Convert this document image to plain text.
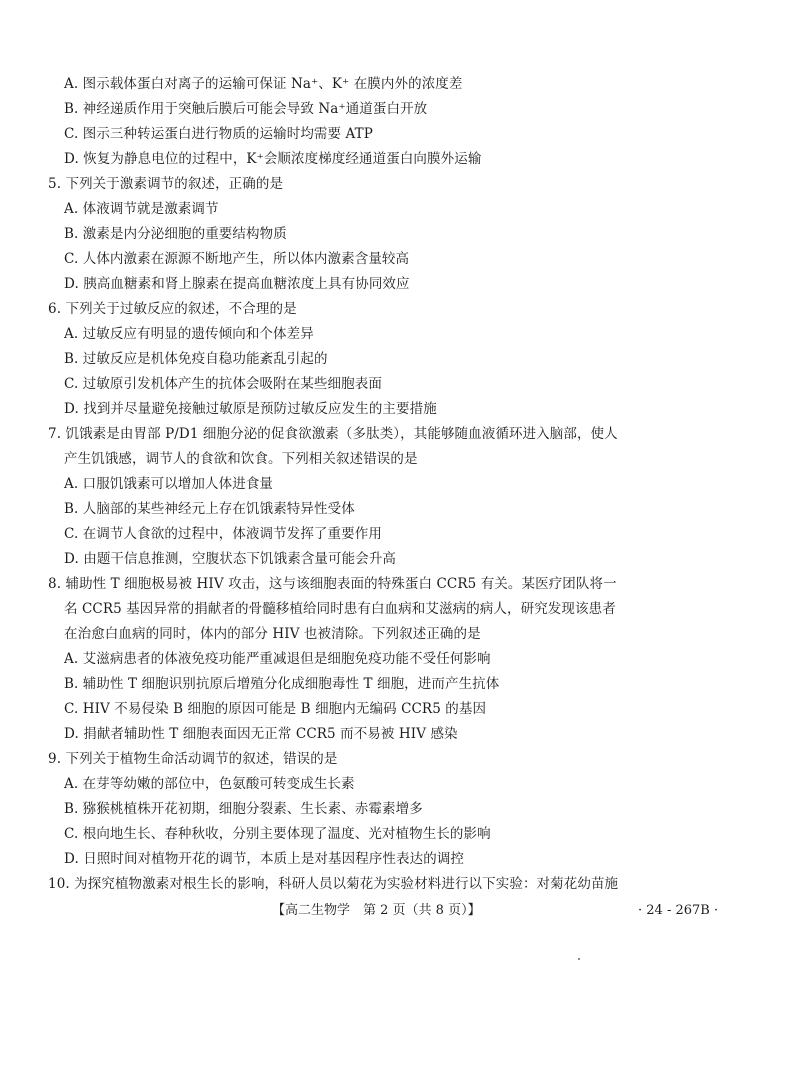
A. 图示载体蛋白对离子的运输可保证 Na⁺、K⁺ 在膜内外的浓度差
B. 神经递质作用于突触后膜后可能会导致 Na⁺通道蛋白开放
C. 图示三种转运蛋白进行物质的运输时均需要 ATP
D. 恢复为静息电位的过程中，K⁺会顺浓度梯度经通道蛋白向膜外运输
5. 下列关于激素调节的叙述，正确的是
A. 体液调节就是激素调节
B. 激素是内分泌细胞的重要结构物质
C. 人体内激素在源源不断地产生，所以体内激素含量较高
D. 胰高血糖素和肾上腺素在提高血糖浓度上具有协同效应
6. 下列关于过敏反应的叙述，不合理的是
A. 过敏反应有明显的遗传倾向和个体差异
B. 过敏反应是机体免疫自稳功能紊乱引起的
C. 过敏原引发机体产生的抗体会吸附在某些细胞表面
D. 找到并尽量避免接触过敏原是预防过敏反应发生的主要措施
7. 饥饿素是由胃部 P/D1 细胞分泌的促食欲激素（多肽类），其能够随血液循环进入脑部，使人
产生饥饿感，调节人的食欲和饮食。下列相关叙述错误的是
A. 口服饥饿素可以增加人体进食量
B. 人脑部的某些神经元上存在饥饿素特异性受体
C. 在调节人食欲的过程中，体液调节发挥了重要作用
D. 由题干信息推测，空腹状态下饥饿素含量可能会升高
8. 辅助性 T 细胞极易被 HIV 攻击，这与该细胞表面的特殊蛋白 CCR5 有关。某医疗团队将一
名 CCR5 基因异常的捐献者的骨髓移植给同时患有白血病和艾滋病的病人，研究发现该患者
在治愈白血病的同时，体内的部分 HIV 也被清除。下列叙述正确的是
A. 艾滋病患者的体液免疫功能严重减退但是细胞免疫功能不受任何影响
B. 辅助性 T 细胞识别抗原后增殖分化成细胞毒性 T 细胞，进而产生抗体
C. HIV 不易侵染 B 细胞的原因可能是 B 细胞内无编码 CCR5 的基因
D. 捐献者辅助性 T 细胞表面因无正常 CCR5 而不易被 HIV 感染
9. 下列关于植物生命活动调节的叙述，错误的是
A. 在芽等幼嫩的部位中，色氨酸可转变成生长素
B. 猕猴桃植株开花初期，细胞分裂素、生长素、赤霉素增多
C. 根向地生长、春种秋收，分别主要体现了温度、光对植物生长的影响
D. 日照时间对植物开花的调节，本质上是对基因程序性表达的调控
10. 为探究植物激素对根生长的影响，科研人员以菊花为实验材料进行以下实验：对菊花幼苗施
【高二生物学　第 2 页（共 8 页）】	· 24 - 267B ·
